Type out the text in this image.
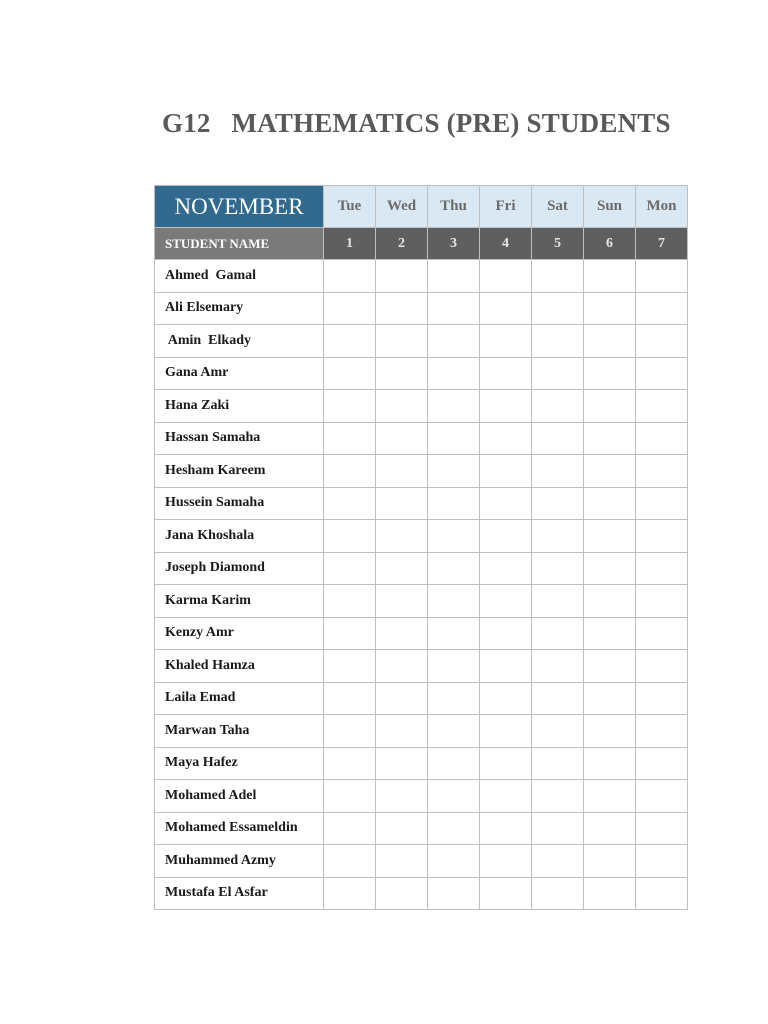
G12   MATHEMATICS (PRE) STUDENTS
NOVEMBER	Tue	Wed	Thu	Fri	Sat	Sun	Mon
STUDENT NAME	1	2	3	4	5	6	7
Ahmed  Gamal							
Ali Elsemary							
Amin  Elkady							
Gana Amr							
Hana Zaki							
Hassan Samaha							
Hesham Kareem							
Hussein Samaha							
Jana Khoshala							
Joseph Diamond							
Karma Karim							
Kenzy Amr							
Khaled Hamza							
Laila Emad							
Marwan Taha							
Maya Hafez							
Mohamed Adel							
Mohamed Essameldin							
Muhammed Azmy							
Mustafa El Asfar							
